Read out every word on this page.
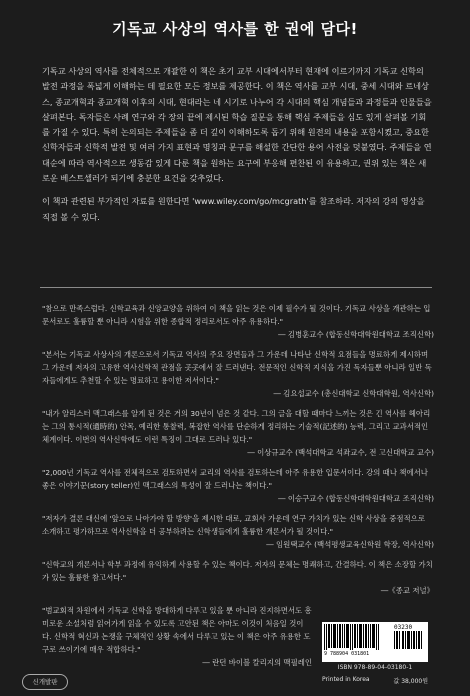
기독교 사상의 역사를 한 권에 담다!

기독교 사상의 역사를 전체적으로 개괄한 이 책은 초기 교부 시대에서부터 현재에 이르기까지 기독교 신학의 발전 과정을 폭넓게 이해하는 데 필요한 모든 정보를 제공한다. 이 책은 역사를 교부 시대, 중세 시대와 르네상스, 종교개혁과 종교개혁 이후의 시대, 현대라는 네 시기로 나누어 각 시대의 핵심 개념들과 과정들과 인물들을 살펴본다. 독자들은 사례 연구와 각 장의 끝에 제시된 학습 질문을 통해 핵심 주제들을 심도 있게 살펴볼 기회를 가질 수 있다. 특히 논의되는 주제들을 좀 더 깊이 이해하도록 돕기 위해 원전의 내용을 포함시켰고, 중요한 신학자들과 신학적 발전 및 여러 가지 표현과 명칭과 문구를 해설한 간단한 용어 사전을 덧붙였다. 주제들을 연대순에 따라 역사적으로 생동감 있게 다룬 책을 원하는 요구에 부응해 편찬된 이 유용하고, 권위 있는 책은 새로운 베스트셀러가 되기에 충분한 요건을 갖추었다.

이 책과 관련된 부가적인 자료를 원한다면 'www.wiley.com/go/mcgrath'를 참조하라. 저자의 강의 영상을 직접 볼 수 있다.

"참으로 만족스럽다. 신학교육과 신앙교양을 위하여 이 책을 읽는 것은 이제 필수가 될 것이다. 기독교 사상을 개관하는 입문서로도 훌륭할 뿐 아니라 시험을 위한 종합적 정리로서도 아주 유용하다."

― 김병훈교수 (합동신학대학원대학교 조직신학)

"본서는 기독교 사상사의 개론으로서 기독교 역사의 주요 장면들과 그 가운데 나타난 신학적 요점들을 명료하게 제시하며 그 가운데 저자의 고유한 역사신학적 관점을 곳곳에서 잘 드러낸다. 전문적인 신학적 지식을 가진 독자들뿐 아니라 일반 독자들에게도 추천할 수 있는 명료하고 용이한 저서이다."

― 김요섭교수 (총신대학교 신학대학원, 역사신학)

"내가 알리스터 맥그래스를 알게 된 것은 거의 30년이 넘은 것 같다. 그의 글을 대할 때마다 느끼는 것은 긴 역사를 헤아리는 그의 통시적(通時的) 안목, 예리한 통찰력, 복잡한 역사를 단순하게 정리하는 기술적(記述的) 능력, 그리고 교과서적인 체계이다. 이번의 역사신학에도 이런 특징이 그대로 드러나 있다."

― 이상규교수 (백석대학교 석좌교수, 전 고신대학교 교수)

"2,000년 기독교 역사를 전체적으로 검토하면서 교리의 역사를 검토하는데 아주 유용한 입문서이다. 강의 때나 책에서나 좋은 이야기꾼(story teller)인 맥그래스의 특성이 잘 드러나는 책이다."

― 이승구교수 (합동신학대학원대학교 조직신학)

"저자가 결론 대신에 '앞으로 나아가야 할 방향'을 제시한 대로, 교회사 가운데 연구 가치가 있는 신학 사상을 중점적으로 소개하고 평가하므로 역사신학을 더 공부하려는 신학생들에게 훌륭한 개론서가 될 것이다."

― 임원택교수 (백석평생교육신학원 학장, 역사신학)

"신학교의 개론서나 학부 과정에 유익하게 사용할 수 있는 책이다. 저자의 문체는 명쾌하고, 간결하다. 이 책은 소장할 가치가 있는 훌륭한 참고서다."

―《종교 저널》

"범교회적 차원에서 기독교 신학을 방대하게 다루고 있을 뿐 아니라 진지하면서도 흥미로운 소설처럼 읽어가게 읽을 수 있도록 고안된 책은 아마도 이것이 처음일 것이다. 신학적 혁신과 논쟁을 구체적인 상황 속에서 다루고 있는 이 책은 아주 유용한 도구로 쓰이기에 매우 적합하다."

― 란던 바이블 칼리지의 맥필레인

9 788904 031801
03230
ISBN 978-89-04-03180-1
Printed in Korea	값 38,000원
신개발판
